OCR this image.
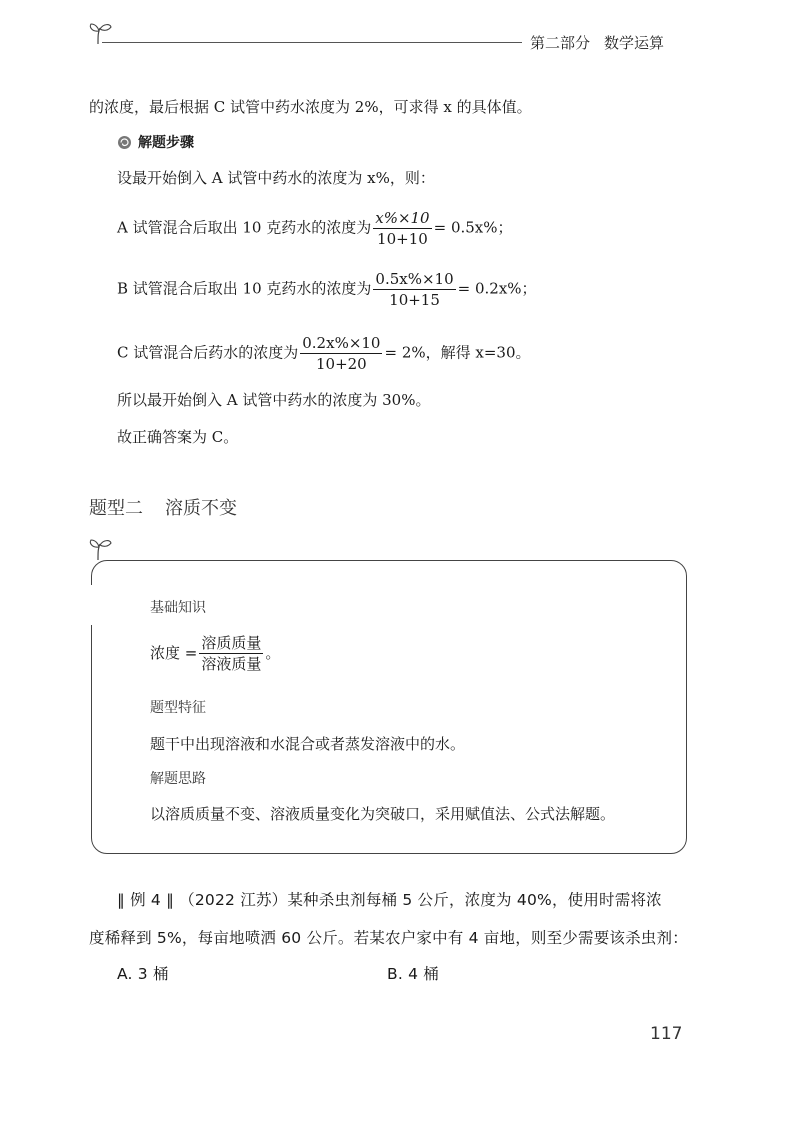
第二部分 数学运算
的浓度，最后根据 C 试管中药水浓度为 2%，可求得 x 的具体值。
解题步骤
设最开始倒入 A 试管中药水的浓度为 x%，则：
A 试管混合后取出 10 克药水的浓度为 $\frac{x\%\times 10}{10+10} = 0.5x\%$；
B 试管混合后取出 10 克药水的浓度为 $\frac{0.5x\%\times 10}{10+15} = 0.2x\%$；
C 试管混合后药水的浓度为 $\frac{0.2x\%\times 10}{10+20} = 2\%$，解得 x=30。
所以最开始倒入 A 试管中药水的浓度为 30%。
故正确答案为 C。
题型二 溶质不变
基础知识
浓度 = $\frac{\text{溶质质量}}{\text{溶液质量}}$ 。
题型特征
题干中出现溶液和水混合或者蒸发溶液中的水。
解题思路
以溶质质量不变、溶液质量变化为突破口，采用赋值法、公式法解题。
‖ 例 4 ‖ （2022 江苏）某种杀虫剂每桶 5 公斤，浓度为 40%，使用时需将浓
度稀释到 5%，每亩地喷洒 60 公斤。若某农户家中有 4 亩地，则至少需要该杀虫剂：
A. 3 桶	B. 4 桶
117
